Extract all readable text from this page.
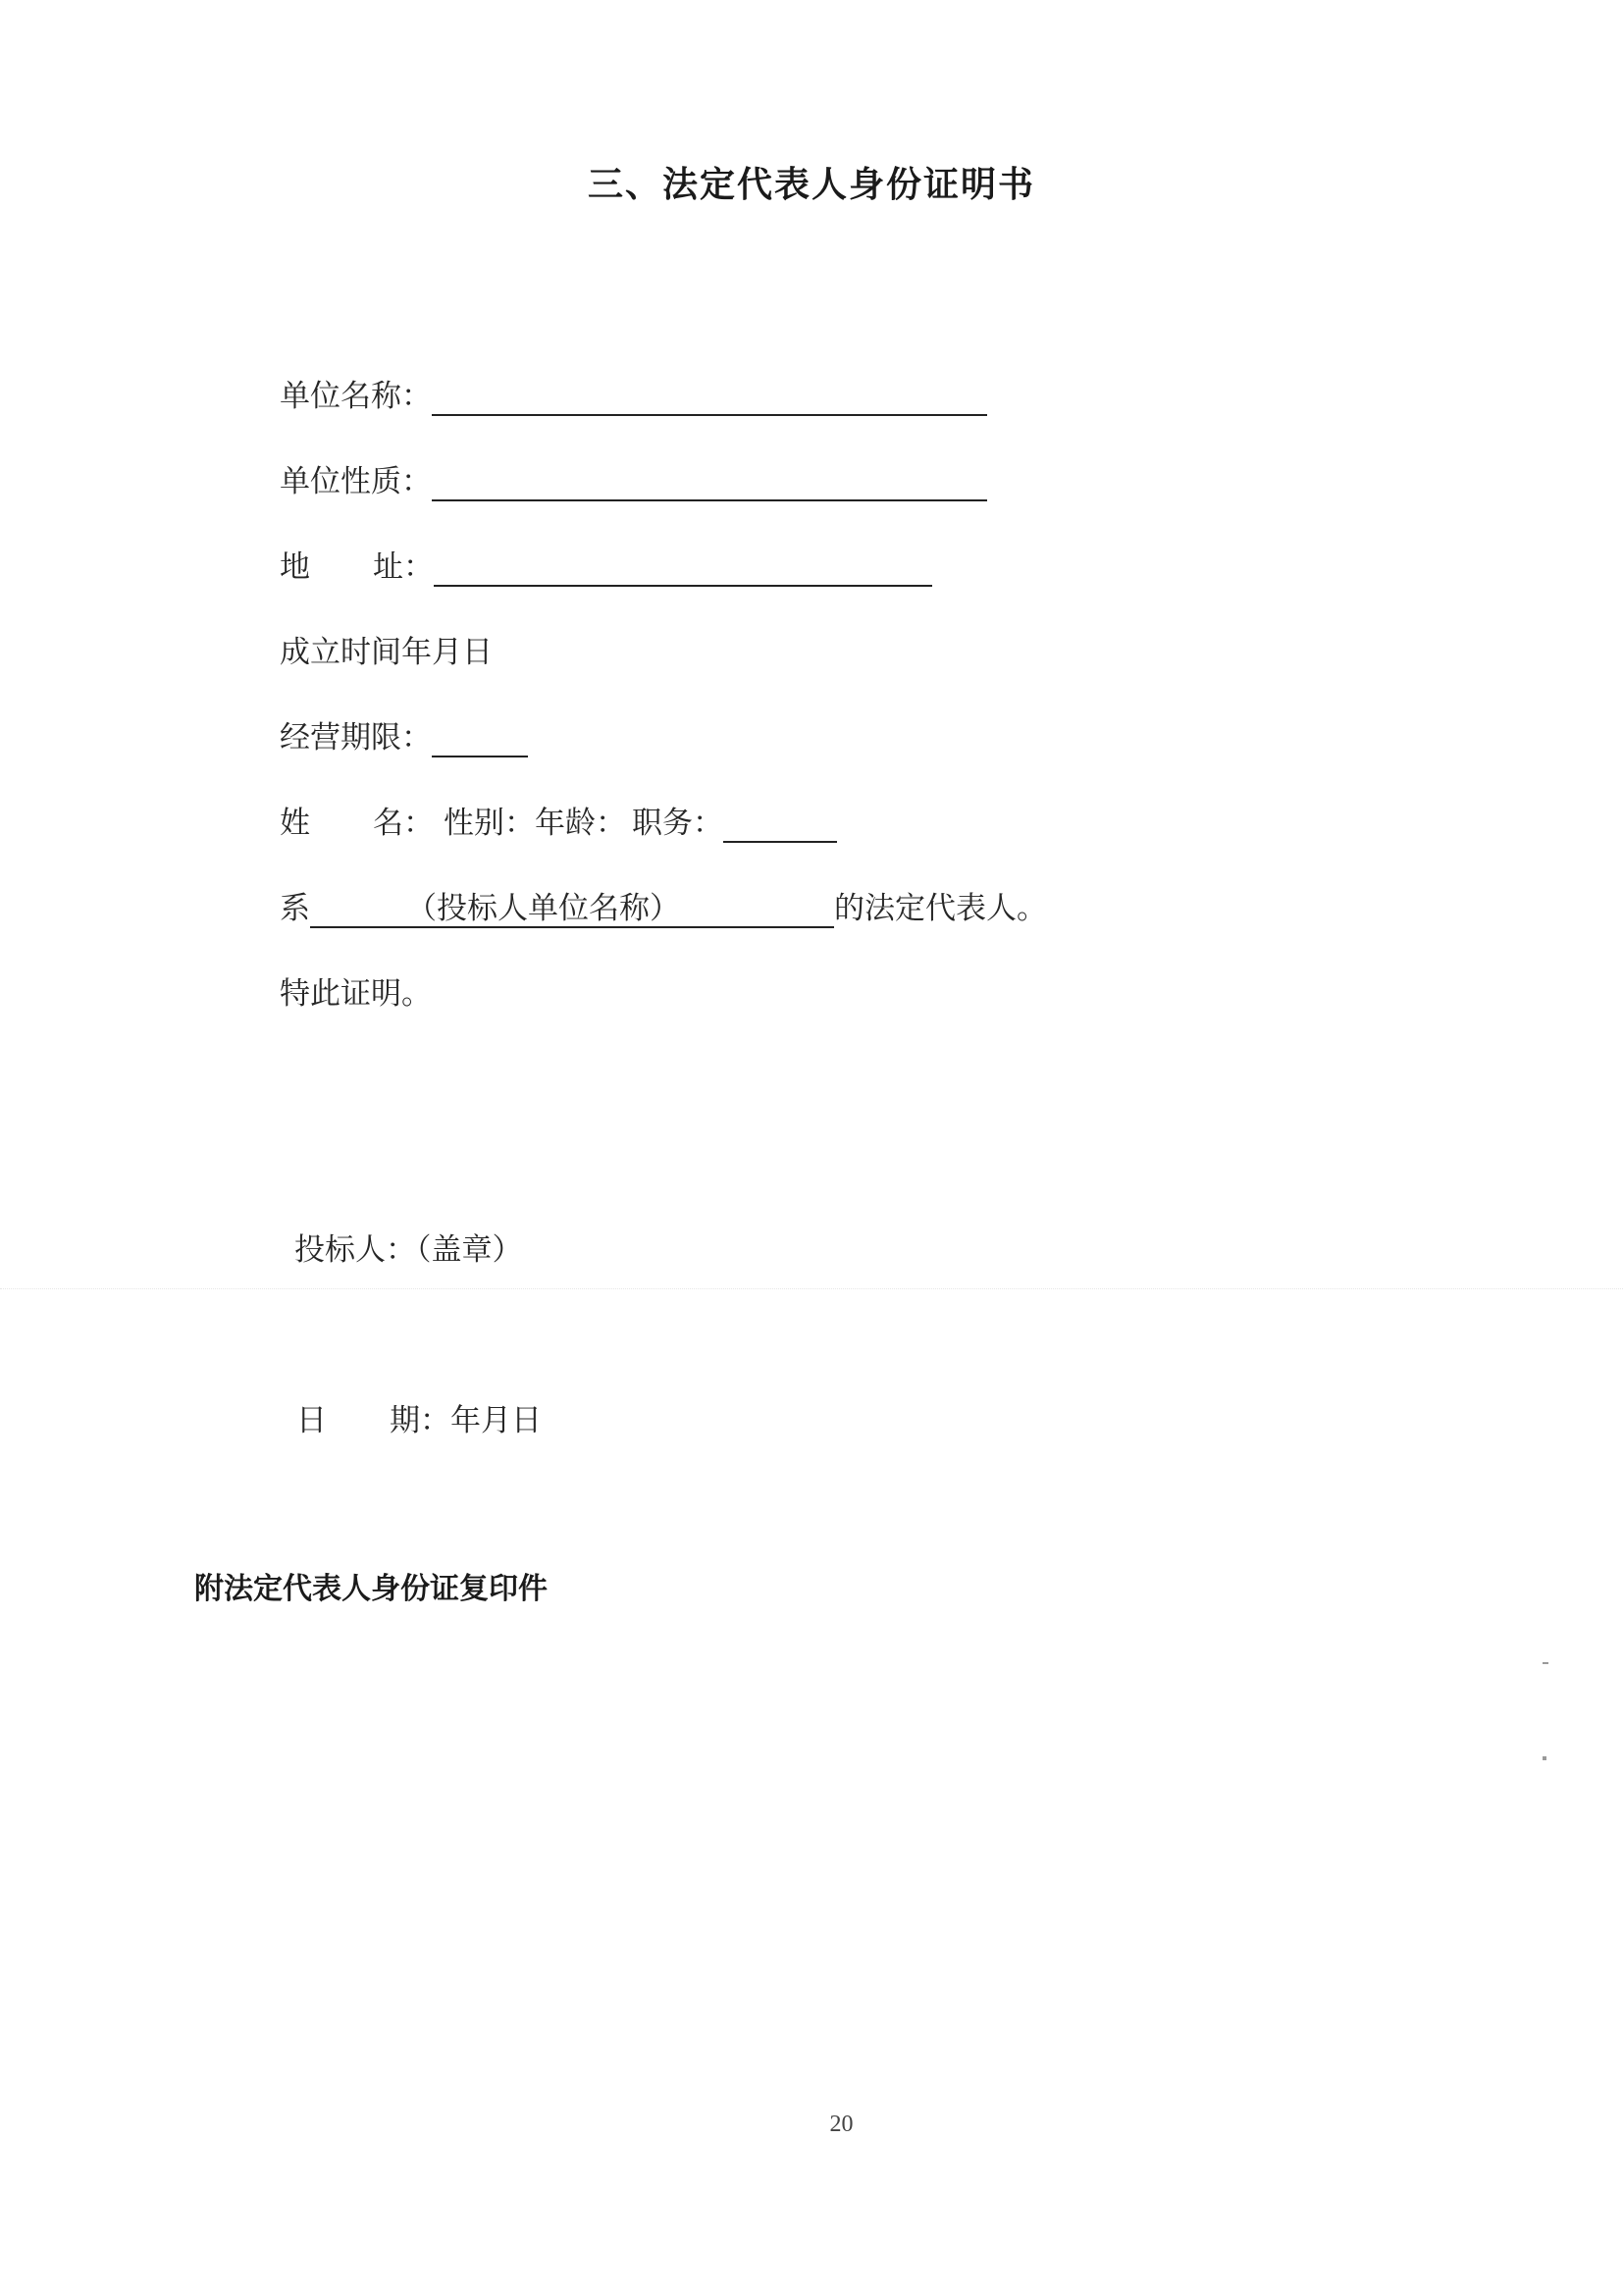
三、法定代表人身份证明书
单位名称：
单位性质：
地 址：
成立时间年月日
经营期限：
姓 名： 性别：年龄： 职务：
系	（投标人单位名称）	的法定代表人。
特此证明。
投标人：（盖章）
日 期：年月日
附法定代表人身份证复印件
20
